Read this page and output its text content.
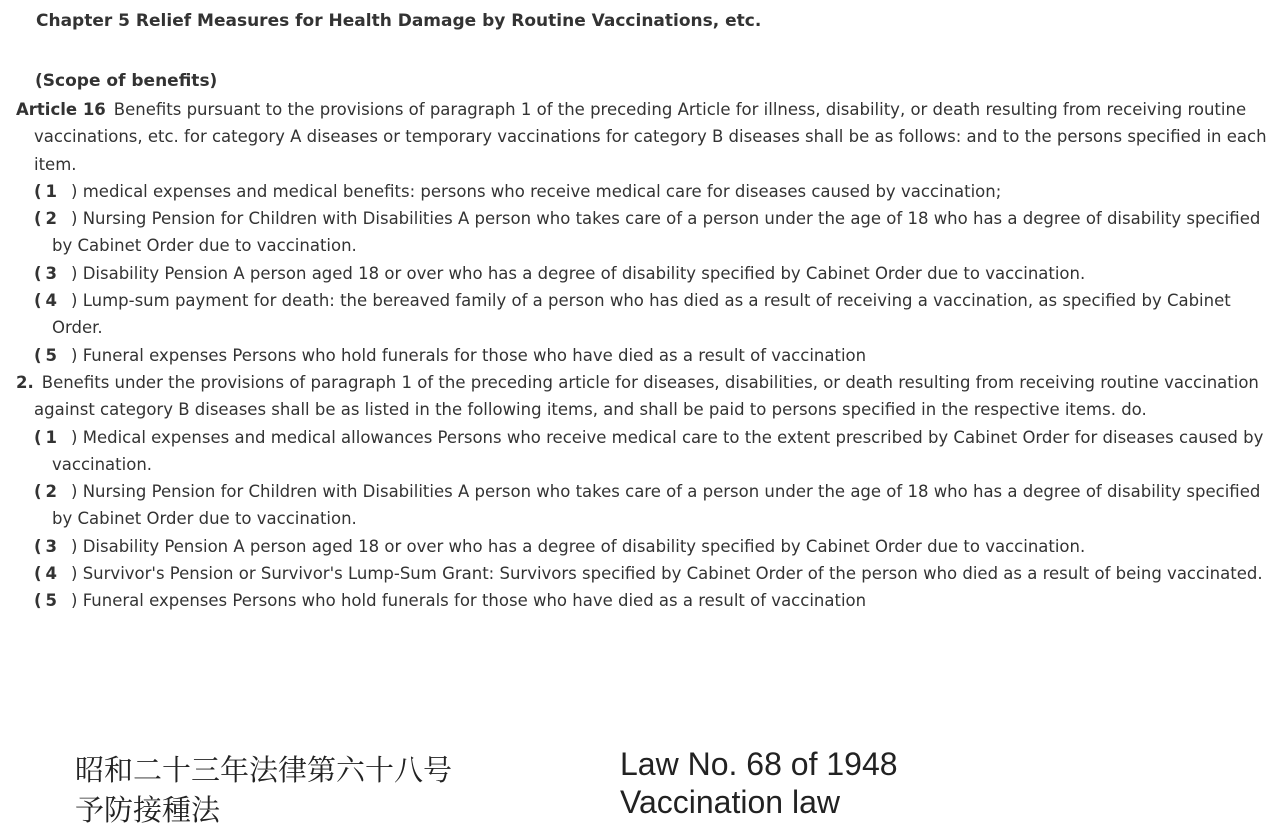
Chapter 5 Relief Measures for Health Damage by Routine Vaccinations, etc.
(Scope of benefits)

Article 16 Benefits pursuant to the provisions of paragraph 1 of the preceding Article for illness, disability, or death resulting from receiving routine vaccinations, etc. for category A diseases or temporary vaccinations for category B diseases shall be as follows: and to the persons specified in each item.

( 1 ) medical expenses and medical benefits: persons who receive medical care for diseases caused by vaccination;

( 2 ) Nursing Pension for Children with Disabilities A person who takes care of a person under the age of 18 who has a degree of disability specified by Cabinet Order due to vaccination.

( 3 ) Disability Pension A person aged 18 or over who has a degree of disability specified by Cabinet Order due to vaccination.

( 4 ) Lump-sum payment for death: the bereaved family of a person who has died as a result of receiving a vaccination, as specified by Cabinet Order.

( 5 ) Funeral expenses Persons who hold funerals for those who have died as a result of vaccination

2. Benefits under the provisions of paragraph 1 of the preceding article for diseases, disabilities, or death resulting from receiving routine vaccination against category B diseases shall be as listed in the following items, and shall be paid to persons specified in the respective items. do.

( 1 ) Medical expenses and medical allowances Persons who receive medical care to the extent prescribed by Cabinet Order for diseases caused by vaccination.

( 2 ) Nursing Pension for Children with Disabilities A person who takes care of a person under the age of 18 who has a degree of disability specified by Cabinet Order due to vaccination.

( 3 ) Disability Pension A person aged 18 or over who has a degree of disability specified by Cabinet Order due to vaccination.

( 4 ) Survivor's Pension or Survivor's Lump-Sum Grant: Survivors specified by Cabinet Order of the person who died as a result of being vaccinated.

( 5 ) Funeral expenses Persons who hold funerals for those who have died as a result of vaccination

昭和二十三年法律第六十八号
予防接種法
Law No. 68 of 1948
Vaccination law
